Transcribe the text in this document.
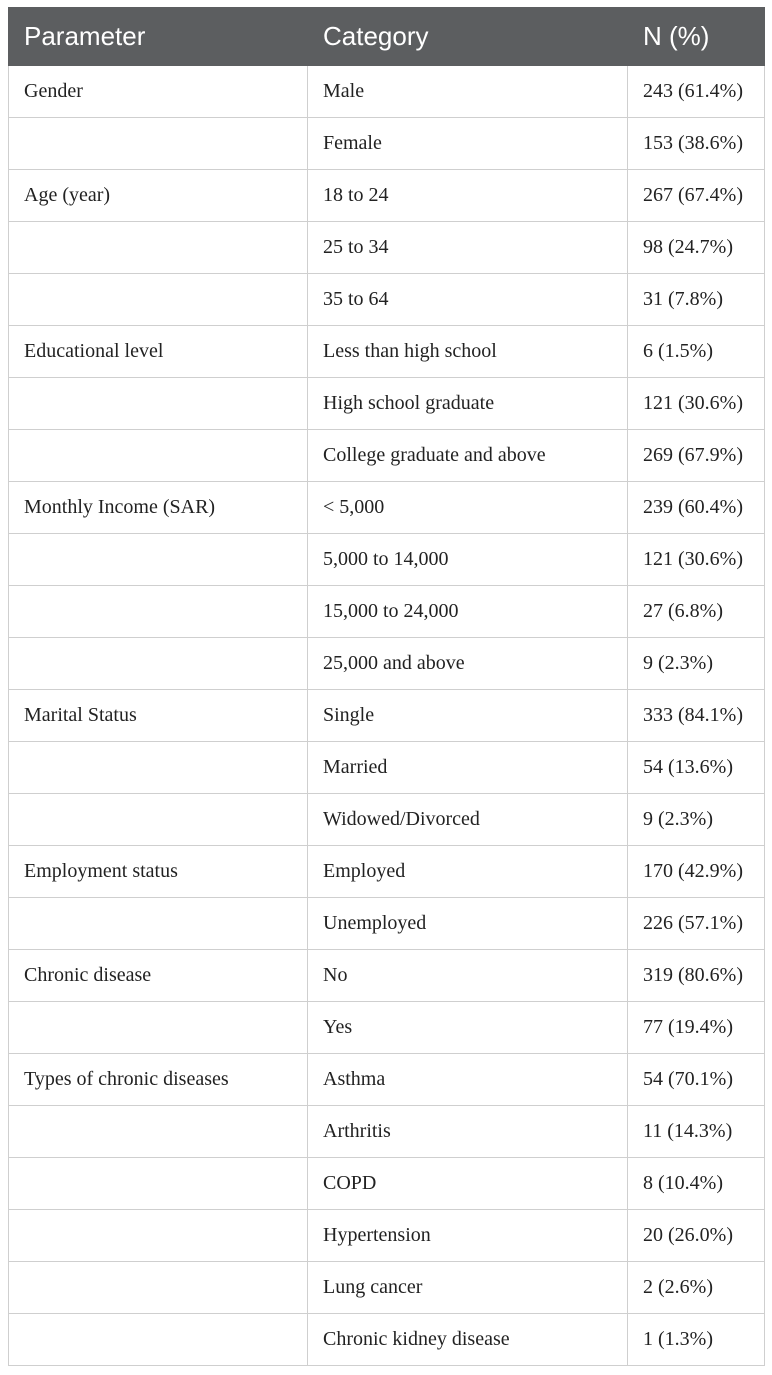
Parameter	Category	N (%)
Gender	Male	243 (61.4%)
	Female	153 (38.6%)
Age (year)	18 to 24	267 (67.4%)
	25 to 34	98 (24.7%)
	35 to 64	31 (7.8%)
Educational level	Less than high school	6 (1.5%)
	High school graduate	121 (30.6%)
	College graduate and above	269 (67.9%)
Monthly Income (SAR)	< 5,000	239 (60.4%)
	5,000 to 14,000	121 (30.6%)
	15,000 to 24,000	27 (6.8%)
	25,000 and above	9 (2.3%)
Marital Status	Single	333 (84.1%)
	Married	54 (13.6%)
	Widowed/Divorced	9 (2.3%)
Employment status	Employed	170 (42.9%)
	Unemployed	226 (57.1%)
Chronic disease	No	319 (80.6%)
	Yes	77 (19.4%)
Types of chronic diseases	Asthma	54 (70.1%)
	Arthritis	11 (14.3%)
	COPD	8 (10.4%)
	Hypertension	20 (26.0%)
	Lung cancer	2 (2.6%)
	Chronic kidney disease	1 (1.3%)
